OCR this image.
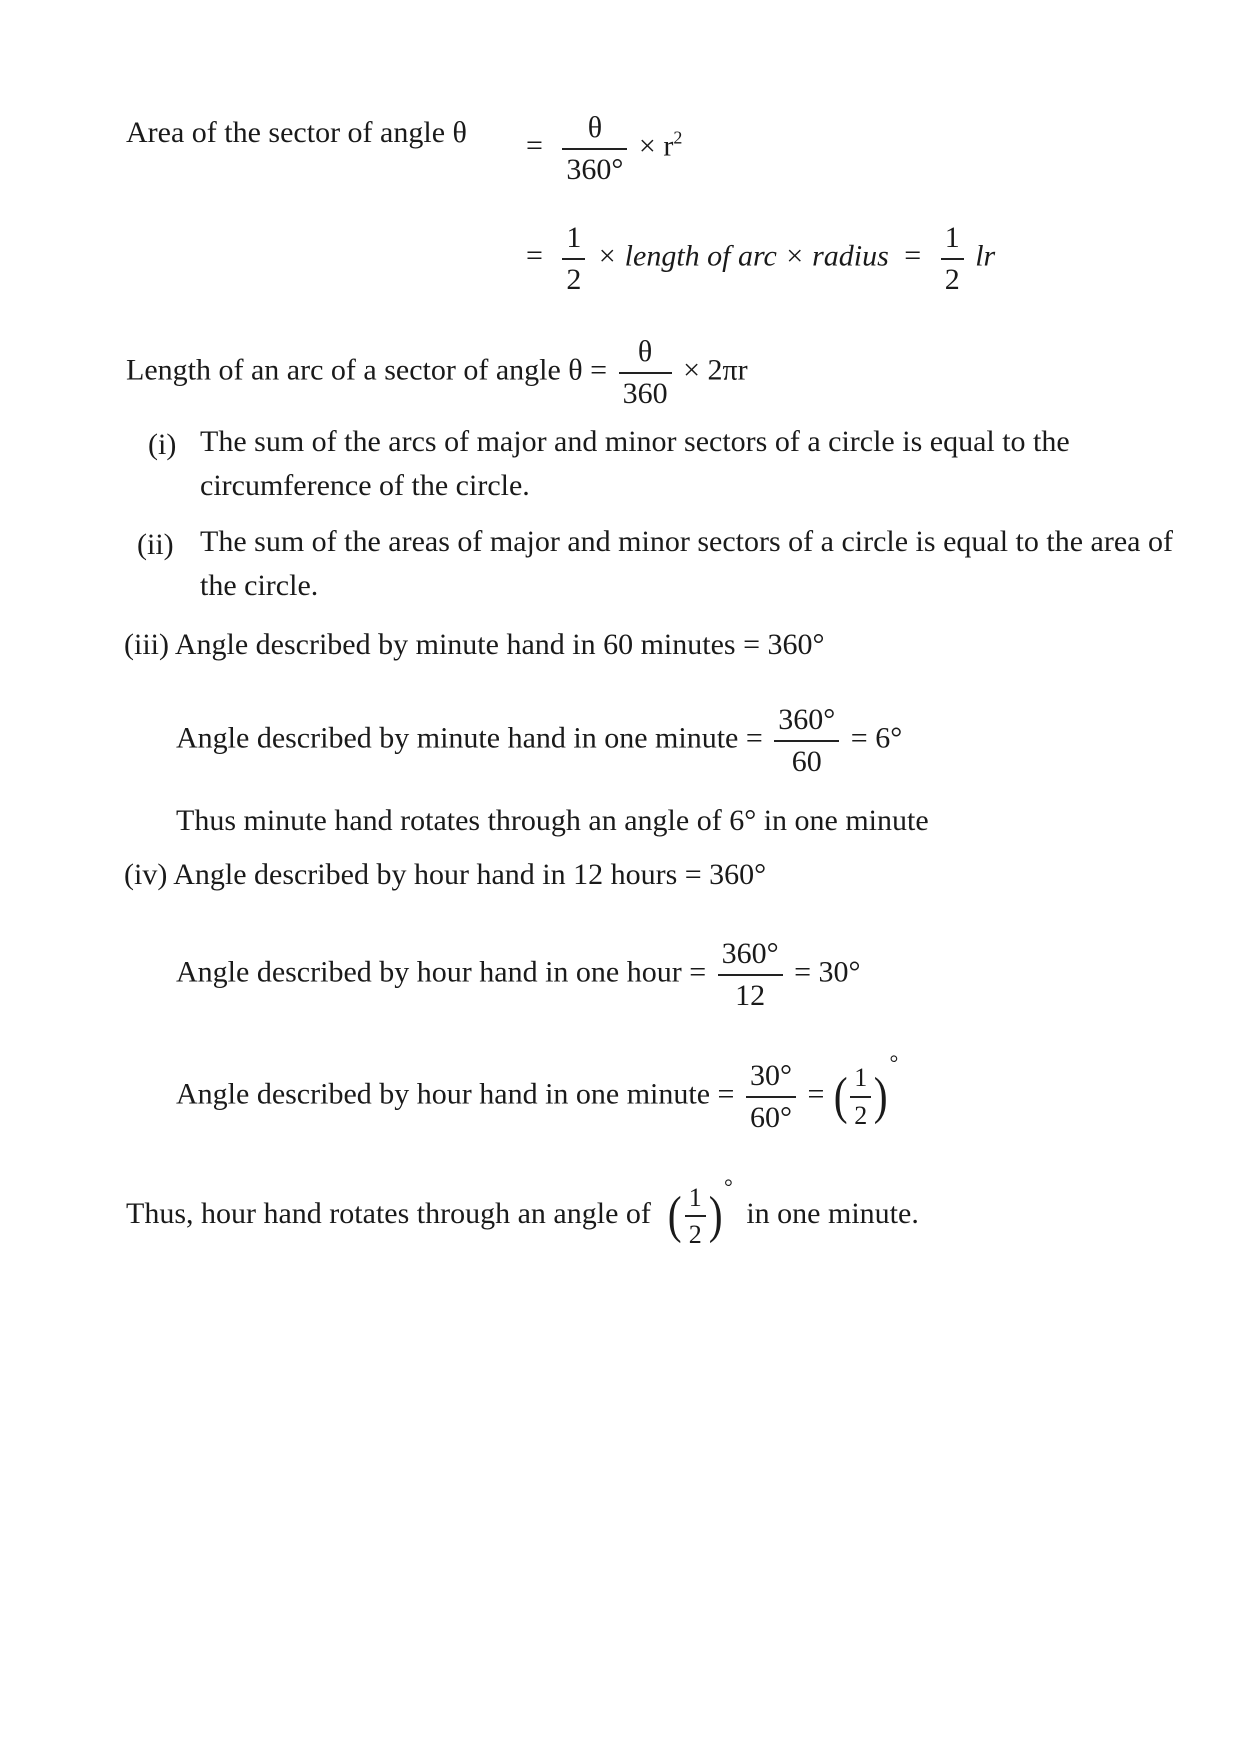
Area of the sector of angle $\theta = \frac{\theta}{360^\circ} \times r^2$
= $\frac{1}{2}$ × length of arc × radius = $\frac{1}{2}$ lr
Length of an arc of a sector of angle $\theta = \frac{\theta}{360} \times 2\pi r$
(i) The sum of the arcs of major and minor sectors of a circle is equal to the circumference of the circle.
(ii) The sum of the areas of major and minor sectors of a circle is equal to the area of the circle.
(iii) Angle described by minute hand in 60 minutes = 360°
Angle described by minute hand in one minute = $\frac{360^\circ}{60} = 6^\circ$
Thus minute hand rotates through an angle of 6° in one minute
(iv) Angle described by hour hand in 12 hours = 360°
Angle described by hour hand in one hour = $\frac{360^\circ}{12} = 30^\circ$
Angle described by hour hand in one minute = $\frac{30^\circ}{60^\circ}$ = ( $\frac{1}{2}$ )°
Thus, hour hand rotates through an angle of ( $\frac{1}{2}$ )° in one minute.
